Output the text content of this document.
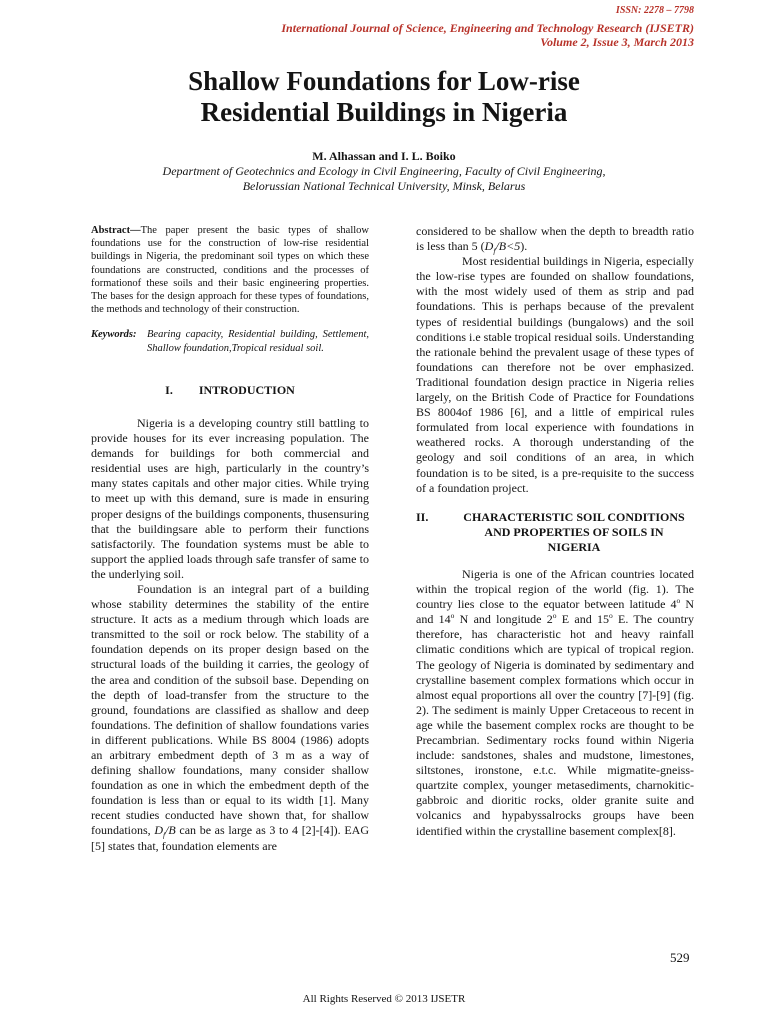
ISSN: 2278 – 7798
International Journal of Science, Engineering and Technology Research (IJSETR)
Volume 2, Issue 3, March 2013
Shallow Foundations for Low-rise
Residential Buildings in Nigeria
M. Alhassan and I. L. Boiko
Department of Geotechnics and Ecology in Civil Engineering, Faculty of Civil Engineering,
Belorussian National Technical University, Minsk, Belarus

Abstract—The paper present the basic types of shallow foundations use for the construction of low-rise residential buildings in Nigeria, the predominant soil types on which these foundations are constructed, conditions and the processes of formationof these soils and their basic engineering properties. The bases for the design approach for these types of foundations, the methods and technology of their construction.

Keywords:	Bearing capacity, Residential building, Settlement, Shallow foundation,Tropical residual soil.
I. INTRODUCTION

Nigeria is a developing country still battling to provide houses for its ever increasing population. The demands for buildings for both commercial and residential uses are high, particularly in the country’s many states capitals and other major cities. While trying to meet up with this demand, sure is made in ensuring proper designs of the buildings components, thusensuring that the buildingsare able to perform their functions satisfactorily. The foundation systems must be able to support the applied loads through safe transfer of same to the underlying soil.

Foundation is an integral part of a building whose stability determines the stability of the entire structure. It acts as a medium through which loads are transmitted to the soil or rock below. The stability of a foundation depends on its proper design based on the structural loads of the building it carries, the geology of the area and condition of the subsoil base. Depending on the depth of load-transfer from the structure to the ground, foundations are classified as shallow and deep foundations. The definition of shallow foundations varies in different publications. While BS 8004 (1986) adopts an arbitrary embedment depth of 3 m as a way of defining shallow foundations, many consider shallow foundation as one in which the embedment depth of the foundation is less than or equal to its width [1]. Many recent studies conducted have shown that, for shallow foundations, $D_f/B$ can be as large as 3 to 4 [2]-[4]). EAG [5] states that, foundation elements are

considered to be shallow when the depth to breadth ratio is less than 5 $(D_f/B<5)$.

Most residential buildings in Nigeria, especially the low-rise types are founded on shallow foundations, with the most widely used of them as strip and pad foundations. This is perhaps because of the prevalent types of residential buildings (bungalows) and the soil conditions i.e stable tropical residual soils. Understanding the rationale behind the prevalent usage of these types of foundations can therefore not be over emphasized. Traditional foundation design practice in Nigeria relies largely, on the British Code of Practice for Foundations BS 8004of 1986 [6], and a little of empirical rules formulated from local experience with foundations in weathered rocks. A thorough understanding of the geology and soil conditions of an area, in which foundation is to be sited, is a pre-requisite to the success of a foundation project.

II.	CHARACTERISTIC SOIL CONDITIONS
AND PROPERTIES OF SOILS IN
NIGERIA

Nigeria is one of the African countries located within the tropical region of the world (fig. 1). The country lies close to the equator between latitude 4$^o$ N and 14$^o$ N and longitude 2$^o$ E and 15$^o$ E. The country therefore, has characteristic hot and heavy rainfall climatic conditions which are typical of tropical region. The geology of Nigeria is dominated by sedimentary and crystalline basement complex formations which occur in almost equal proportions all over the country [7]-[9] (fig. 2). The sediment is mainly Upper Cretaceous to recent in age while the basement complex rocks are thought to be Precambrian. Sedimentary rocks found within Nigeria include: sandstones, shales and mudstone, limestones, siltstones, ironstone, e.t.c. While migmatite-gneiss-quartzite complex, younger metasediments, charnokitic-gabbroic and dioritic rocks, older granite suite and volcanics and hypabyssalrocks groups have been identified within the crystalline basement complex[8].

529
All Rights Reserved © 2013 IJSETR
